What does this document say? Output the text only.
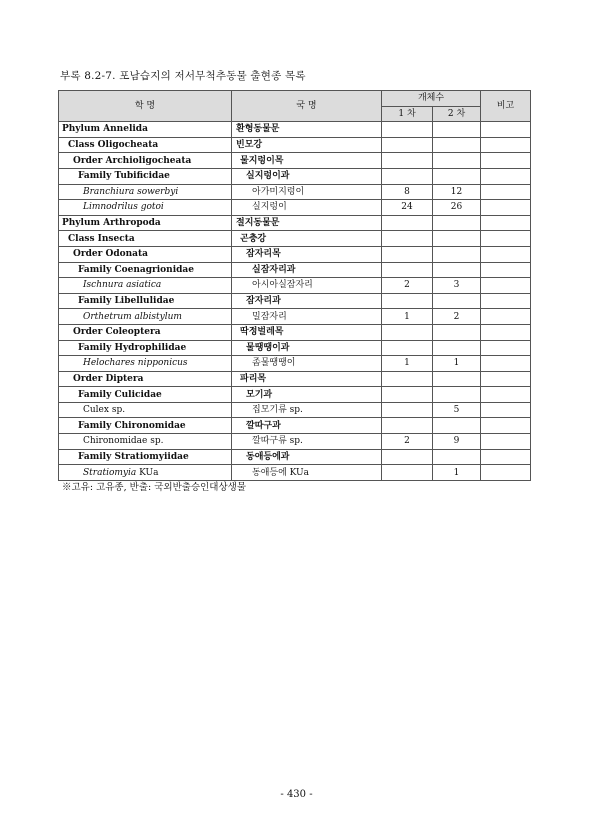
부록 8.2-7. 포남습지의 저서무척추동물 출현종 목록
학 명	국 명	개체수		비고
		1 차	2 차	
Phylum Annelida	환형동물문			
Class Oligocheata	빈모강			
Order Archioligocheata	물지렁이목			
Family Tubificidae	실지렁이과			
Branchiura sowerbyi	아가미지렁이	8	12	
Limnodrilus gotoi	실지렁이	24	26	
Phylum Arthropoda	절지동물문			
Class Insecta	곤충강			
Order Odonata	잠자리목			
Family Coenagrionidae	실잠자리과			
Ischnura asiatica	아시아실잠자리	2	3	
Family Libellulidae	잠자리과			
Orthetrum albistylum	밀잠자리	1	2	
Order Coleoptera	딱정벌레목			
Family Hydrophilidae	물땡땡이과			
Helochares nipponicus	좀물땡땡이	1	1	
Order Diptera	파리목			
Family Culicidae	모기과			
Culex sp.	집모기류 sp.		5	
Family Chironomidae	깔따구과			
Chironomidae sp.	깔따구류 sp.	2	9	
Family Stratiomyiidae	동애등에과			
Stratiomyia KUa	동애등에 KUa		1	
※고유: 고유종, 반출: 국외반출승인대상생물
- 430 -
